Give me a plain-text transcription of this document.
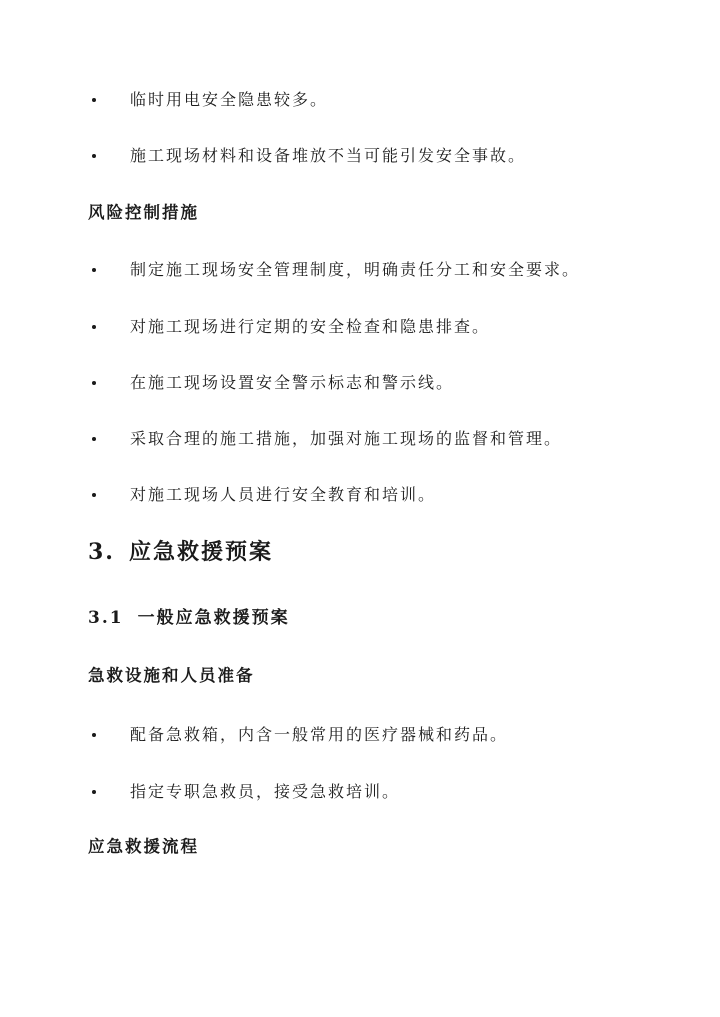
临时用电安全隐患较多。
施工现场材料和设备堆放不当可能引发安全事故。
风险控制措施
制定施工现场安全管理制度，明确责任分工和安全要求。
对施工现场进行定期的安全检查和隐患排查。
在施工现场设置安全警示标志和警示线。
采取合理的施工措施，加强对施工现场的监督和管理。
对施工现场人员进行安全教育和培训。
3. 应急救援预案
3.1 一般应急救援预案
急救设施和人员准备
配备急救箱，内含一般常用的医疗器械和药品。
指定专职急救员，接受急救培训。
应急救援流程
